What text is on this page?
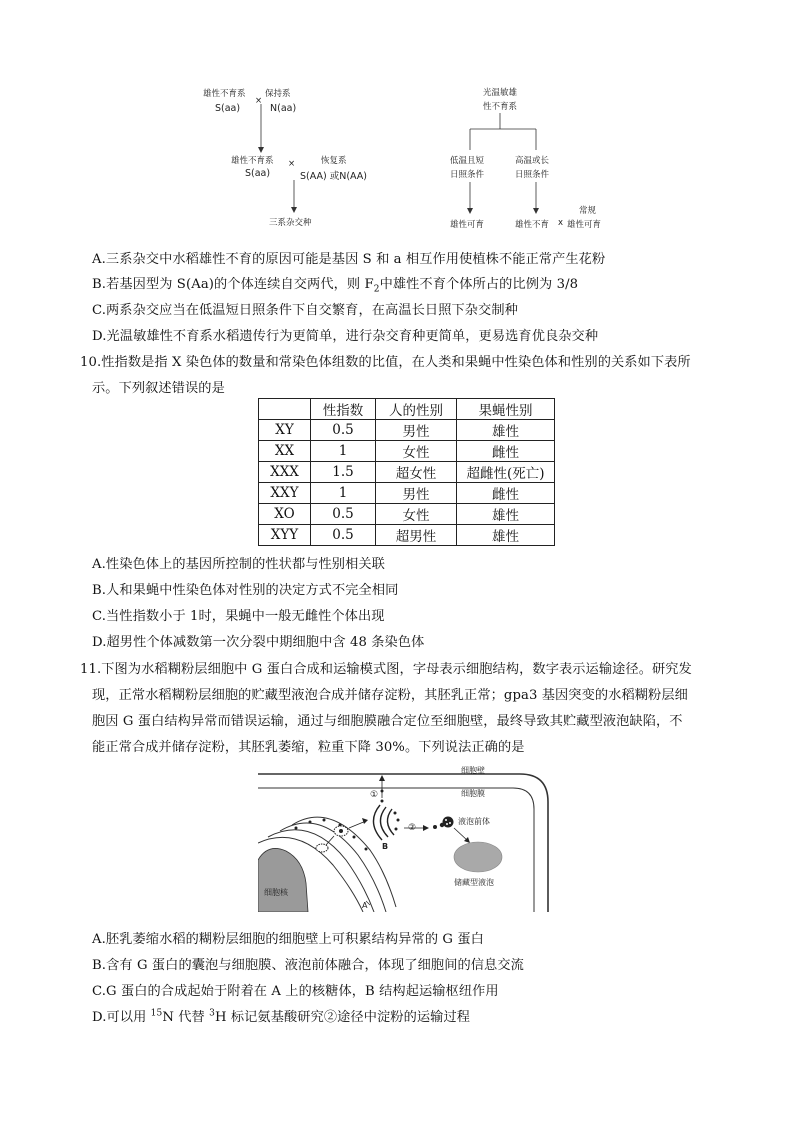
雄性不育系 保持系
S(aa)
×
N(aa)
雄性不育系
S(aa)
×	恢复系
S(AA) 或N(AA)
三系杂交种
光温敏雄
性不育系
低温且短
日照条件
高温或长
日照条件
雄性可育	雄性不育 x
常规
雄性可育
A.三系杂交中水稻雄性不育的原因可能是基因 S 和 a 相互作用使植株不能正常产生花粉
B.若基因型为 S(Aa)的个体连续自交两代，则 $F_2$中雄性不育个体所占的比例为 3/8
C.两系杂交应当在低温短日照条件下自交繁育，在高温长日照下杂交制种
D.光温敏雄性不育系水稻遗传行为更简单，进行杂交育种更简单，更易选育优良杂交种
10.性指数是指 X 染色体的数量和常染色体组数的比值，在人类和果蝇中性染色体和性别的关系如下表所
示。下列叙述错误的是
	性指数	人的性别	果蝇性别
XY	0.5	男性	雄性
XX	1	女性	雌性
XXX	1.5	超女性	超雌性(死亡)
XXY	1	男性	雌性
XO	0.5	女性	雄性
XYY	0.5	超男性	雄性
A.性染色体上的基因所控制的性状都与性别相关联
B.人和果蝇中性染色体对性别的决定方式不完全相同
C.当性指数小于 1时，果蝇中一般无雌性个体出现
D.超男性个体减数第一次分裂中期细胞中含 48 条染色体
11.下图为水稻糊粉层细胞中 G 蛋白合成和运输模式图，字母表示细胞结构，数字表示运输途径。研究发
现，正常水稻糊粉层细胞的贮藏型液泡合成并储存淀粉，其胚乳正常；gpa3 基因突变的水稻糊粉层细
胞因 G 蛋白结构异常而错误运输，通过与细胞膜融合定位至细胞壁，最终导致其贮藏型液泡缺陷，不
能正常合成并储存淀粉，其胚乳萎缩，粒重下降 30%。下列说法正确的是
细胞壁
细胞膜
①
②
液泡前体
储藏型液泡
细胞核
A
B
A.胚乳萎缩水稻的糊粉层细胞的细胞壁上可积累结构异常的 G 蛋白
B.含有 G 蛋白的囊泡与细胞膜、液泡前体融合，体现了细胞间的信息交流
C.G 蛋白的合成起始于附着在 A 上的核糖体，B 结构起运输枢纽作用
D.可以用 $^{15}$N 代替 $^3$H 标记氨基酸研究②途径中淀粉的运输过程
